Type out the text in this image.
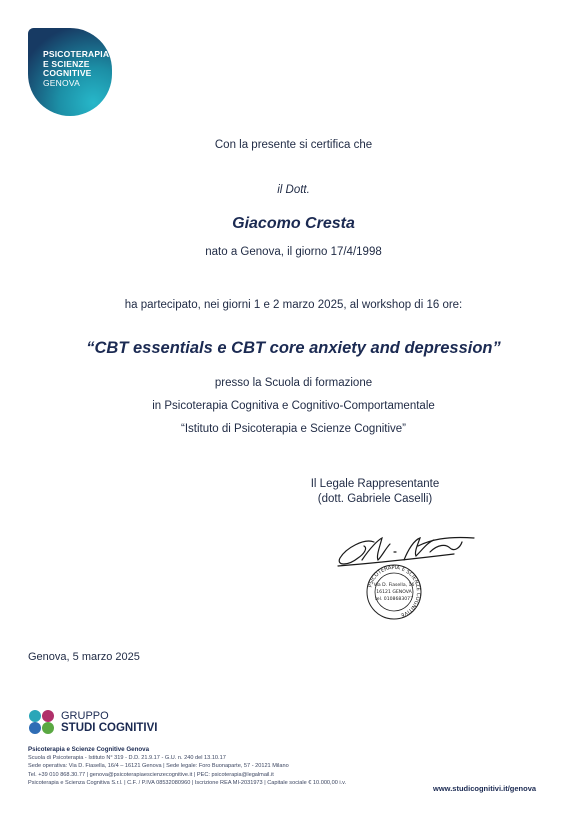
PSICOTERAPIA
E SCIENZE
COGNITIVE
GENOVA
Con la presente si certifica che
il Dott.
Giacomo Cresta
nato a Genova, il giorno 17/4/1998
ha partecipato, nei giorni 1 e 2 marzo 2025, al workshop di 16 ore:
“CBT essentials e CBT core anxiety and depression”
presso la Scuola di formazione
in Psicoterapia Cognitiva e Cognitivo-Comportamentale
“Istituto di Psicoterapia e Scienze Cognitive”
Il Legale Rappresentante
(dott. Gabriele Caselli)
PSICOTERAPIA E SCIENZE COGNITIVE
Via D. Fiasella, 16
16121 GENOVA
tel. 0108683077
Genova, 5 marzo 2025
GRUPPO
STUDI COGNITIVI
Psicoterapia e Scienze Cognitive Genova
Scuola di Psicoterapia - Istituto N° 319 - D.D. 21.9.17 - G.U. n. 240 del 13.10.17
Sede operativa: Via D. Fiasella, 16/4 – 16121 Genova | Sede legale: Foro Buonaparte, 57 - 20121 Milano
Tel. +39 010 868.30.77 | genova@psicoterapiaescienzecognitive.it | PEC: psicoterapia@legalmail.it
Psicoterapia e Scienza Cognitiva S.r.l. | C.F. / P.IVA 08532080960 | Iscrizione REA MI-2031973 | Capitale sociale € 10.000,00 i.v.
www.studicognitivi.it/genova
